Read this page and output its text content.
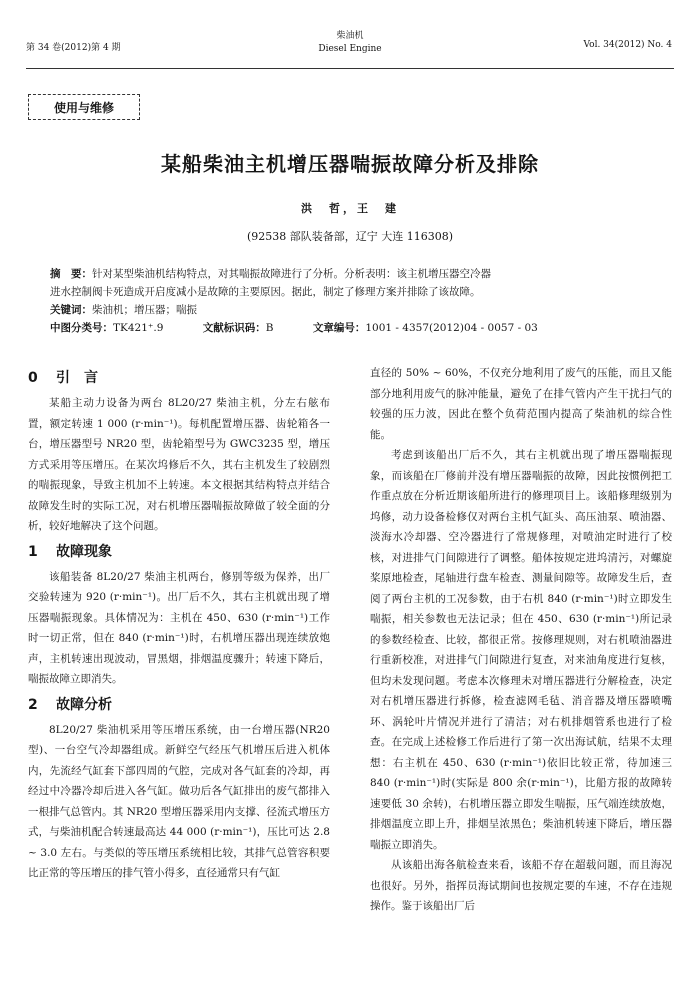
第 34 卷(2012)第 4 期
柴油机
Diesel Engine	Vol. 34(2012) No. 4
使用与维修
某船柴油主机增压器喘振故障分析及排除
洪　哲，王　建
(92538 部队装备部，辽宁 大连 116308)
摘　要：针对某型柴油机结构特点，对其喘振故障进行了分析。分析表明：该主机增压器空冷器
进水控制阀卡死造成开启度减小是故障的主要原因。据此，制定了修理方案并排除了该故障。
关键词：柴油机；增压器；喘振
中图分类号：TK421⁺.9	文献标识码：B	文章编号：1001 - 4357(2012)04 - 0057 - 03
0 引　言

某船主动力设备为两台 8L20/27 柴油主机，分左右舷布置，额定转速 1 000 (r·min⁻¹)。每机配置增压器、齿轮箱各一台，增压器型号 NR20 型，齿轮箱型号为 GWC3235 型，增压方式采用等压增压。在某次坞修后不久，其右主机发生了较剧烈的喘振现象，导致主机加不上转速。本文根据其结构特点并结合故障发生时的实际工况，对右机增压器喘振故障做了较全面的分析，较好地解决了这个问题。

1 故障现象

该船装备 8L20/27 柴油主机两台，修别等级为保养，出厂交验转速为 920 (r·min⁻¹)。出厂后不久，其右主机就出现了增压器喘振现象。具体情况为：主机在 450、630 (r·min⁻¹)工作时一切正常，但在 840 (r·min⁻¹)时，右机增压器出现连续放炮声，主机转速出现波动，冒黑烟，排烟温度骤升；转速下降后，喘振故障立即消失。

2 故障分析

8L20/27 柴油机采用等压增压系统，由一台增压器(NR20 型)、一台空气冷却器组成。新鲜空气经压气机增压后进入机体内，先流经气缸套下部四周的气腔，完成对各气缸套的冷却，再经过中冷器冷却后进入各气缸。做功后各气缸排出的废气都排入一根排气总管内。其 NR20 型增压器采用内支撑、径流式增压方式，与柴油机配合转速最高达 44 000 (r·min⁻¹)，压比可达 2.8 ~ 3.0 左右。与类似的等压增压系统相比较，其排气总管容积要比正常的等压增压的排气管小得多，直径通常只有气缸

直径的 50% ~ 60%，不仅充分地利用了废气的压能，而且又能部分地利用废气的脉冲能量，避免了在排气管内产生干扰扫气的较强的压力波，因此在整个负荷范围内提高了柴油机的综合性能。

考虑到该船出厂后不久，其右主机就出现了增压器喘振现象，而该船在厂修前并没有增压器喘振的故障，因此按惯例把工作重点放在分析近期该船所进行的修理项目上。该船修理级别为坞修，动力设备检修仅对两台主机气缸头、高压油泵、喷油器、淡海水冷却器、空冷器进行了常规修理，对喷油定时进行了校核，对进排气门间隙进行了调整。船体按规定进坞清污，对螺旋桨原地检查，尾轴进行盘车检查、测量间隙等。故障发生后，查阅了两台主机的工况参数，由于右机 840 (r·min⁻¹)时立即发生喘振，相关参数也无法记录；但在 450、630 (r·min⁻¹)所记录的参数经检查、比较，都很正常。按修理规则，对右机喷油器进行重新校准，对进排气门间隙进行复查，对来油角度进行复核，但均未发现问题。考虑本次修理未对增压器进行分解检查，决定对右机增压器进行拆修，检查滤网毛毡、消音器及增压器喷嘴环、涡轮叶片情况并进行了清洁；对右机排烟管系也进行了检查。在完成上述检修工作后进行了第一次出海试航，结果不太理想：右主机在 450、630 (r·min⁻¹)依旧比较正常，待加速三 840 (r·min⁻¹)时(实际是 800 余(r·min⁻¹)，比船方报的故障转速要低 30 余转)，右机增压器立即发生喘振，压气端连续放炮，排烟温度立即上升，排烟呈浓黑色；柴油机转速下降后，增压器喘振立即消失。

从该船出海各航检查来看，该船不存在超载问题，而且海况也很好。另外，指挥员海试期间也按规定要的车速，不存在违规操作。鉴于该船出厂后
